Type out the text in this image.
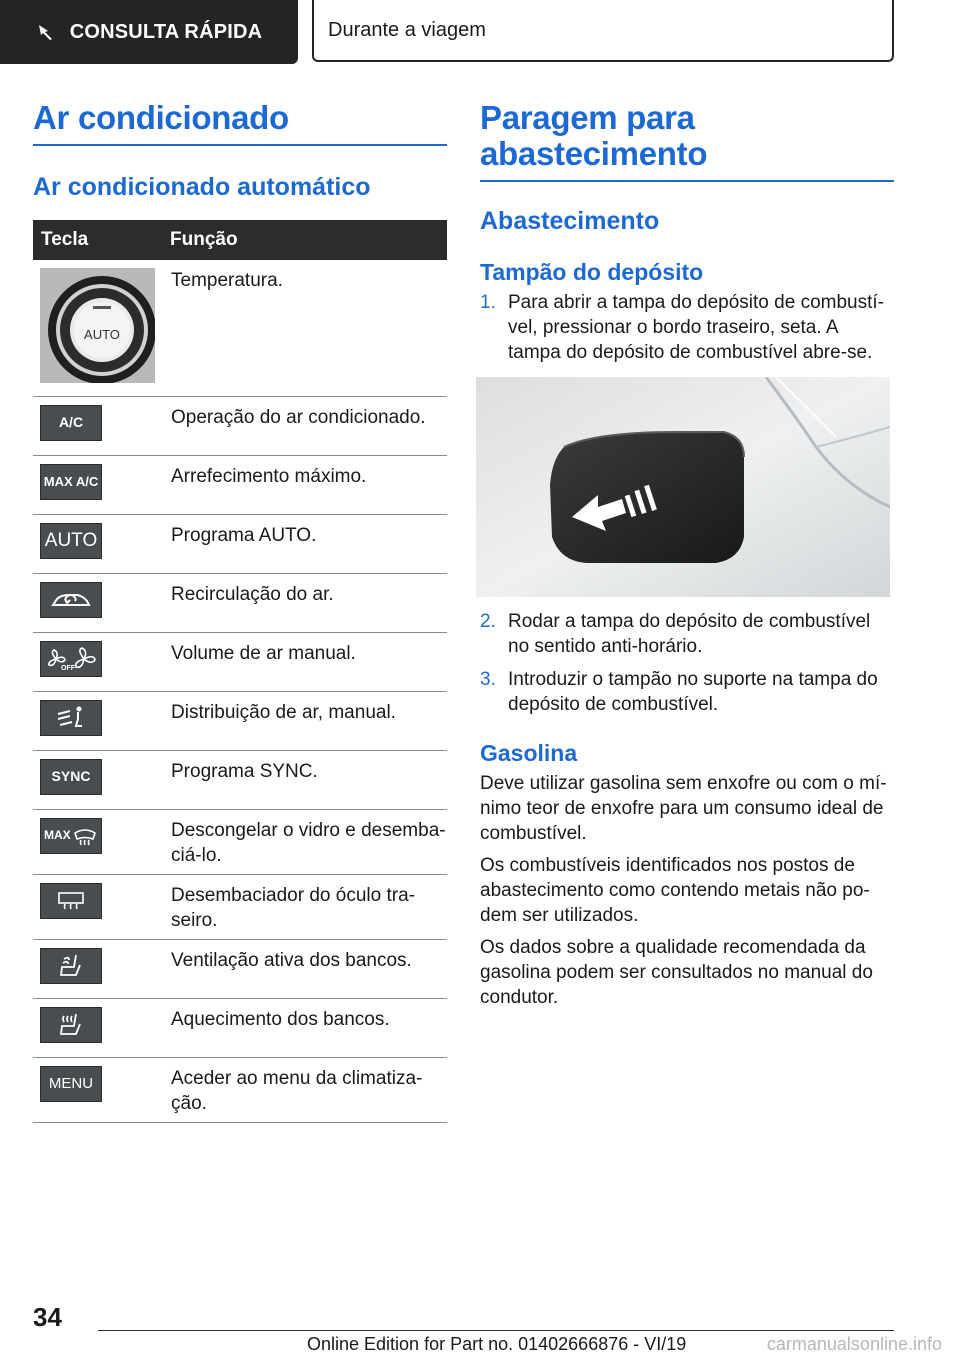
CONSULTA RÁPIDA	Durante a viagem
Ar condicionado
Ar condicionado automático
Tecla	Função

AUTO	Temperatura.

A/C	Operação do ar condicionado.

MAX A/C	Arrefecimento máximo.

AUTO	Programa AUTO.

	Recirculação do ar.

OFF	Volume de ar manual.

	Distribuição de ar, manual.

SYNC	Programa SYNC.

MAX	Descongelar o vidro e desembaciá-lo.

	Desembaciador do óculo traseiro.

	Ventilação ativa dos bancos.

	Aquecimento dos bancos.

MENU	Aceder ao menu da climatização.
Paragem para
abastecimento
Abastecimento
Tampão do depósito
1. Para abrir a tampa do depósito de combustível, pressionar o bordo traseiro, seta. A tampa do depósito de combustível abre-se.
2. Rodar a tampa do depósito de combustível no sentido anti-horário.
3. Introduzir o tampão no suporte na tampa do depósito de combustível.
Gasolina

Deve utilizar gasolina sem enxofre ou com o mínimo teor de enxofre para um consumo ideal de combustível.

Os combustíveis identificados nos postos de abastecimento como contendo metais não podem ser utilizados.

Os dados sobre a qualidade recomendada da gasolina podem ser consultados no manual do condutor.

34
Online Edition for Part no. 01402666876 - VI/19	carmanualsonline.info
